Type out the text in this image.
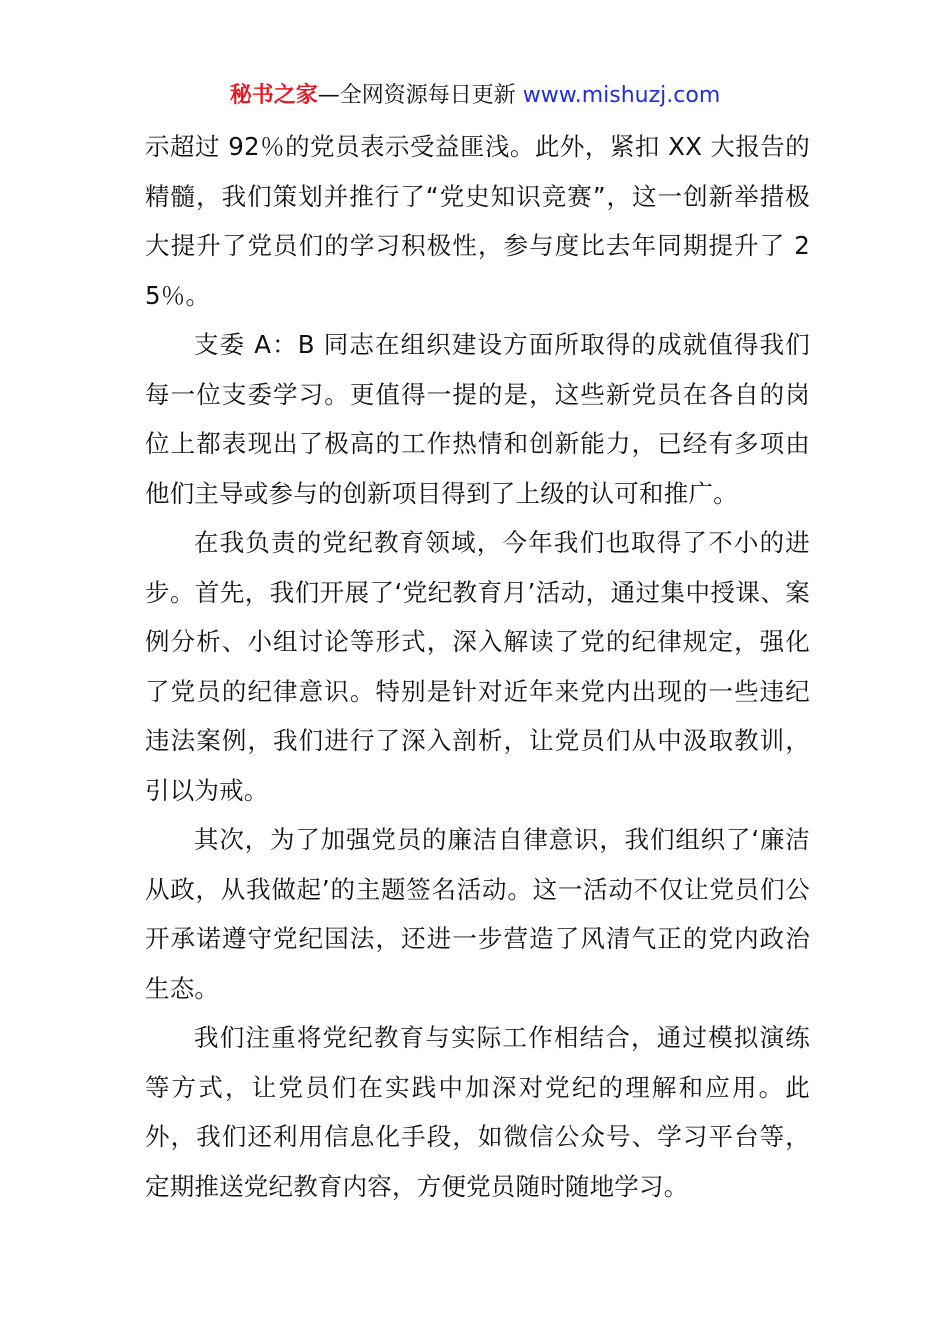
秘书之家—全网资源每日更新 www.mishuzj.com

示超过 92％的党员表示受益匪浅。此外，紧扣 XX 大报告的精髓，我们策划并推行了“党史知识竞赛”，这一创新举措极大提升了党员们的学习积极性，参与度比去年同期提升了 25％。

支委 A：B 同志在组织建设方面所取得的成就值得我们每一位支委学习。更值得一提的是，这些新党员在各自的岗位上都表现出了极高的工作热情和创新能力，已经有多项由他们主导或参与的创新项目得到了上级的认可和推广。

在我负责的党纪教育领域，今年我们也取得了不小的进步。首先，我们开展了‘党纪教育月’活动，通过集中授课、案例分析、小组讨论等形式，深入解读了党的纪律规定，强化了党员的纪律意识。特别是针对近年来党内出现的一些违纪违法案例，我们进行了深入剖析，让党员们从中汲取教训，引以为戒。

其次，为了加强党员的廉洁自律意识，我们组织了‘廉洁从政，从我做起’的主题签名活动。这一活动不仅让党员们公开承诺遵守党纪国法，还进一步营造了风清气正的党内政治生态。

我们注重将党纪教育与实际工作相结合，通过模拟演练等方式，让党员们在实践中加深对党纪的理解和应用。此外，我们还利用信息化手段，如微信公众号、学习平台等，定期推送党纪教育内容，方便党员随时随地学习。
